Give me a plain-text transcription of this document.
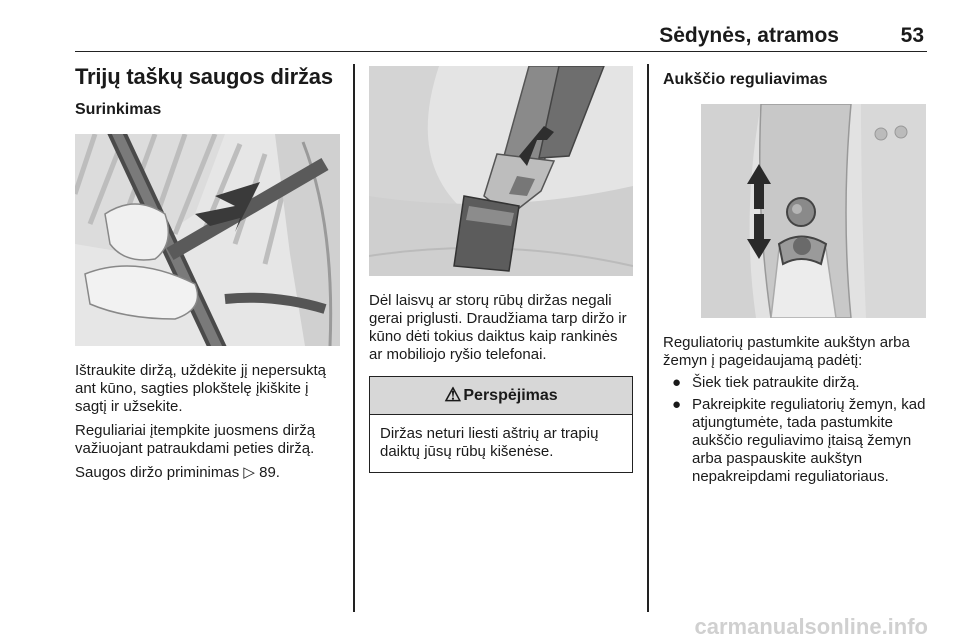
Sėdynės, atramos	53
Trijų taškų saugos diržas
Surinkimas

Ištraukite diržą, uždėkite jį nepersuktą ant kūno, sagties plokštelę įkiškite į sagtį ir užsekite.

Reguliariai įtempkite juosmens diržą važiuojant patraukdami peties diržą.

Saugos diržo priminimas ▷ 89.

Dėl laisvų ar storų rūbų diržas negali gerai priglusti. Draudžiama tarp diržo ir kūno dėti tokius daiktus kaip rankinės ar mobiliojo ryšio telefonai.

⚠ Perspėjimas
Diržas neturi liesti aštrių ar trapių daiktų jūsų rūbų kišenėse.
Aukščio reguliavimas

Reguliatorių pastumkite aukštyn arba žemyn į pageidaujamą padėtį:

● Šiek tiek patraukite diržą.
● Pakreipkite reguliatorių žemyn, kad atjungtumėte, tada pastumkite aukščio reguliavimo įtaisą žemyn arba paspauskite aukštyn nepakreipdami reguliatoriaus.
carmanualsonline.info
